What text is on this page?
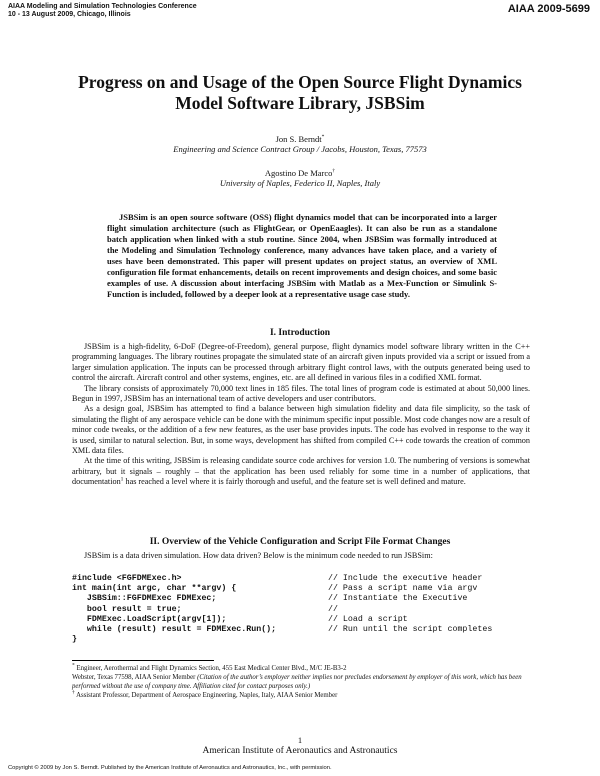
AIAA Modeling and Simulation Technologies Conference
10 - 13 August 2009, Chicago, Illinois	AIAA 2009-5699
Progress on and Usage of the Open Source Flight Dynamics
Model Software Library, JSBSim
Jon S. Berndt*
Engineering and Science Contract Group / Jacobs, Houston, Texas, 77573
Agostino De Marco†
University of Naples, Federico II, Naples, Italy

JSBSim is an open source software (OSS) flight dynamics model that can be incorporated into a larger flight simulation architecture (such as FlightGear, or OpenEaagles). It can also be run as a standalone batch application when linked with a stub routine. Since 2004, when JSBSim was formally introduced at the Modeling and Simulation Technology conference, many advances have taken place, and a variety of uses have been demonstrated. This paper will present updates on project status, an overview of XML configuration file format enhancements, details on recent improvements and design choices, and some basic examples of use. A discussion about interfacing JSBSim with Matlab as a Mex-Function or Simulink S-Function is included, followed by a deeper look at a representative usage case study.

I. Introduction

JSBSim is a high-fidelity, 6-DoF (Degree-of-Freedom), general purpose, flight dynamics model software library written in the C++ programming languages. The library routines propagate the simulated state of an aircraft given inputs provided via a script or issued from a larger simulation application. The inputs can be processed through arbitrary flight control laws, with the outputs generated being used to control the aircraft. Aircraft control and other systems, engines, etc. are all defined in various files in a codified XML format.

The library consists of approximately 70,000 text lines in 185 files. The total lines of program code is estimated at about 50,000 lines. Begun in 1997, JSBSim has an international team of active developers and user contributors.

As a design goal, JSBSim has attempted to find a balance between high simulation fidelity and data file simplicity, so the task of simulating the flight of any aerospace vehicle can be done with the minimum specific input possible. Most code changes now are a result of minor code tweaks, or the addition of a few new features, as the user base provides inputs. The code has evolved in response to the way it is used, similar to natural selection. But, in some ways, development has shifted from compiled C++ code towards the creation of common XML data files.

At the time of this writing, JSBSim is releasing candidate source code archives for version 1.0. The numbering of versions is somewhat arbitrary, but it signals – roughly – that the application has been used reliably for some time in a number of applications, that documentation$^1$ has reached a level where it is fairly thorough and useful, and the feature set is well defined and mature.

II. Overview of the Vehicle Configuration and Script File Format Changes

JSBSim is a data driven simulation. How data driven? Below is the minimum code needed to run JSBSim:

#include <FGFDMExec.h>	// Include the executive header
int main(int argc, char **argv) {	// Pass a script name via argv
JSBSim::FGFDMExec FDMExec;	// Instantiate the Executive
bool result = true;	//
FDMExec.LoadScript(argv[1]);	// Load a script
while (result) result = FDMExec.Run();	// Run until the script completes
}

* Engineer, Aerothermal and Flight Dynamics Section, 455 East Medical Center Blvd., M/C JE-B3-2

Webster, Texas 77598, AIAA Senior Member (Citation of the author’s employer neither implies nor precludes endorsement by employer of this work, which has been performed without the use of company time. Affiliation cited for contact purposes only.)

† Assistant Professor, Department of Aerospace Engineering, Naples, Italy, AIAA Senior Member

1
American Institute of Aeronautics and Astronautics
Copyright © 2009 by Jon S. Berndt. Published by the American Institute of Aeronautics and Astronautics, Inc., with permission.
